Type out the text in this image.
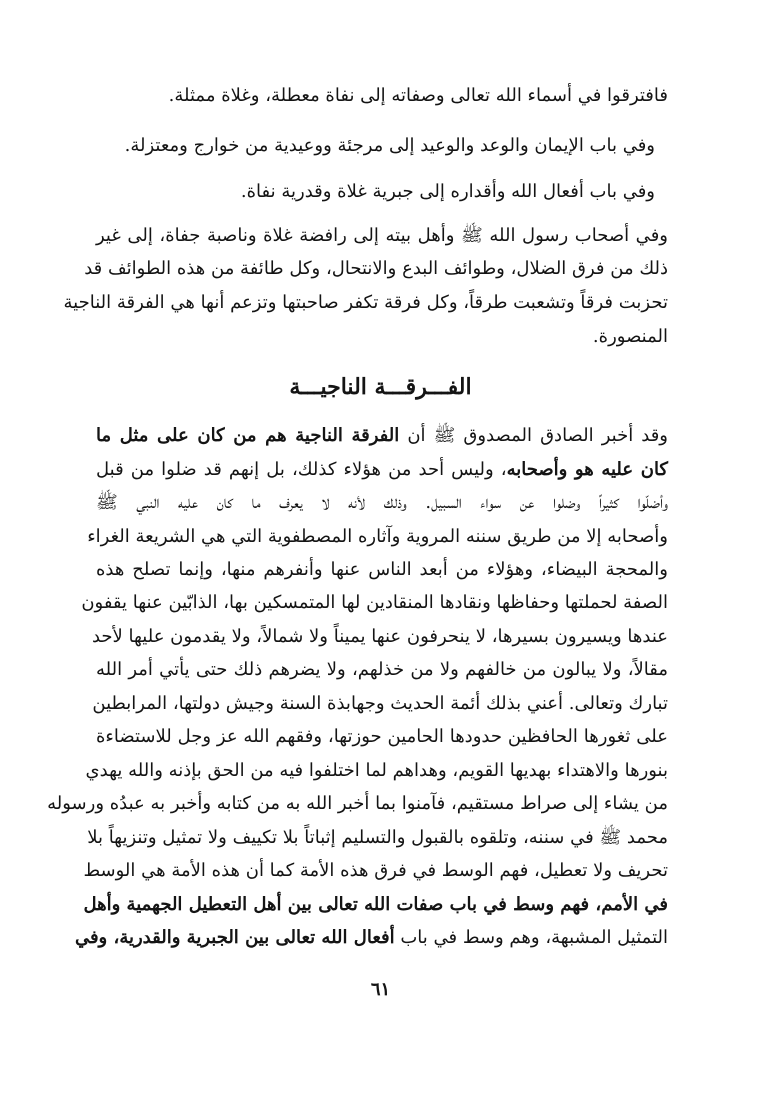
فافترقوا في أسماء الله تعالى وصفاته إلى نفاة معطلة، وغلاة ممثلة.
وفي باب الإيمان والوعد والوعيد إلى مرجئة ووعيدية من خوارج ومعتزلة.
وفي باب أفعال الله وأقداره إلى جبرية غلاة وقدرية نفاة.
وفي أصحاب رسول الله ﷺ وأهل بيته إلى رافضة غلاة وناصبة جفاة، إلى غير
ذلك من فرق الضلال، وطوائف البدع والانتحال، وكل طائفة من هذه الطوائف قد
تحزبت فرقاً وتشعبت طرقاً، وكل فرقة تكفر صاحبتها وتزعم أنها هي الفرقة الناجية
المنصورة.
الفـــرقـــة الناجيـــة
وقد أخبر الصادق المصدوق ﷺ أن الفرقة الناجية هم من كان على مثل ما
كان عليه هو وأصحابه، وليس أحد من هؤلاء كذلك، بل إنهم قد ضلوا من قبل
وأضلّوا كثيراً وضلوا عن سواء السبيل. وذلك لأنه لا يعرف ما كان عليه النبي ﷺ
وأصحابه إلا من طريق سننه المروية وآثاره المصطفوية التي هي الشريعة الغراء
والمحجة البيضاء، وهؤلاء من أبعد الناس عنها وأنفرهم منها، وإنما تصلح هذه
الصفة لحملتها وحفاظها ونقادها المنقادين لها المتمسكين بها، الذابّين عنها يقفون
عندها ويسيرون بسيرها، لا ينحرفون عنها يميناً ولا شمالاً، ولا يقدمون عليها لأحد
مقالاً، ولا يبالون من خالفهم ولا من خذلهم، ولا يضرهم ذلك حتى يأتي أمر الله
تبارك وتعالى. أعني بذلك أئمة الحديث وجهابذة السنة وجيش دولتها، المرابطين
على ثغورها الحافظين حدودها الحامين حوزتها، وفقهم الله عز وجل للاستضاءة
بنورها والاهتداء بهديها القويم، وهداهم لما اختلفوا فيه من الحق بإذنه والله يهدي
من يشاء إلى صراط مستقيم، فآمنوا بما أخبر الله به من كتابه وأخبر به عبدُه ورسوله
محمد ﷺ في سننه، وتلقوه بالقبول والتسليم إثباتاً بلا تكييف ولا تمثيل وتنزيهاً بلا
تحريف ولا تعطيل، فهم الوسط في فرق هذه الأمة كما أن هذه الأمة هي الوسط
في الأمم، فهم وسط في باب صفات الله تعالى بين أهل التعطيل الجهمية وأهل
التمثيل المشبهة، وهم وسط في باب أفعال الله تعالى بين الجبرية والقدرية، وفي
٦١
